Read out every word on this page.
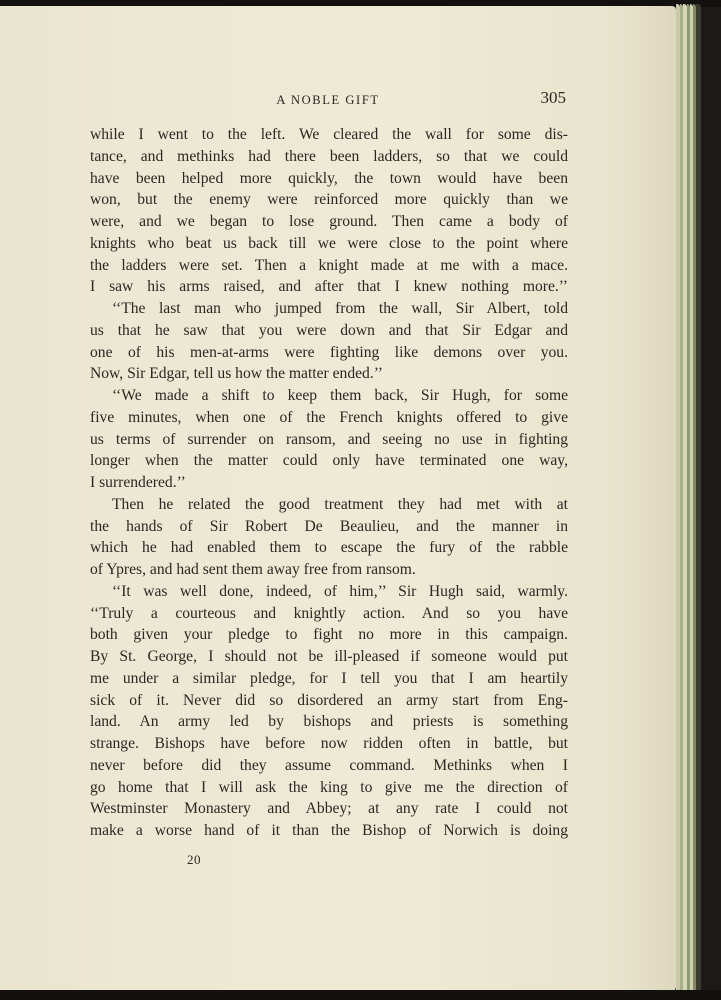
A NOBLE GIFT	305
while I went to the left. We cleared the wall for some dis-
tance, and methinks had there been ladders, so that we could
have been helped more quickly, the town would have been
won, but the enemy were reinforced more quickly than we
were, and we began to lose ground. Then came a body of
knights who beat us back till we were close to the point where
the ladders were set. Then a knight made at me with a mace.
I saw his arms raised, and after that I knew nothing more.’’
‘‘The last man who jumped from the wall, Sir Albert, told
us that he saw that you were down and that Sir Edgar and
one of his men-at-arms were fighting like demons over you.
Now, Sir Edgar, tell us how the matter ended.’’
‘‘We made a shift to keep them back, Sir Hugh, for some
five minutes, when one of the French knights offered to give
us terms of surrender on ransom, and seeing no use in fighting
longer when the matter could only have terminated one way,
I surrendered.’’
Then he related the good treatment they had met with at
the hands of Sir Robert De Beaulieu, and the manner in
which he had enabled them to escape the fury of the rabble
of Ypres, and had sent them away free from ransom.
‘‘It was well done, indeed, of him,’’ Sir Hugh said, warmly.
‘‘Truly a courteous and knightly action. And so you have
both given your pledge to fight no more in this campaign.
By St. George, I should not be ill-pleased if someone would put
me under a similar pledge, for I tell you that I am heartily
sick of it. Never did so disordered an army start from Eng-
land. An army led by bishops and priests is something
strange. Bishops have before now ridden often in battle, but
never before did they assume command. Methinks when I
go home that I will ask the king to give me the direction of
Westminster Monastery and Abbey; at any rate I could not
make a worse hand of it than the Bishop of Norwich is doing
20
